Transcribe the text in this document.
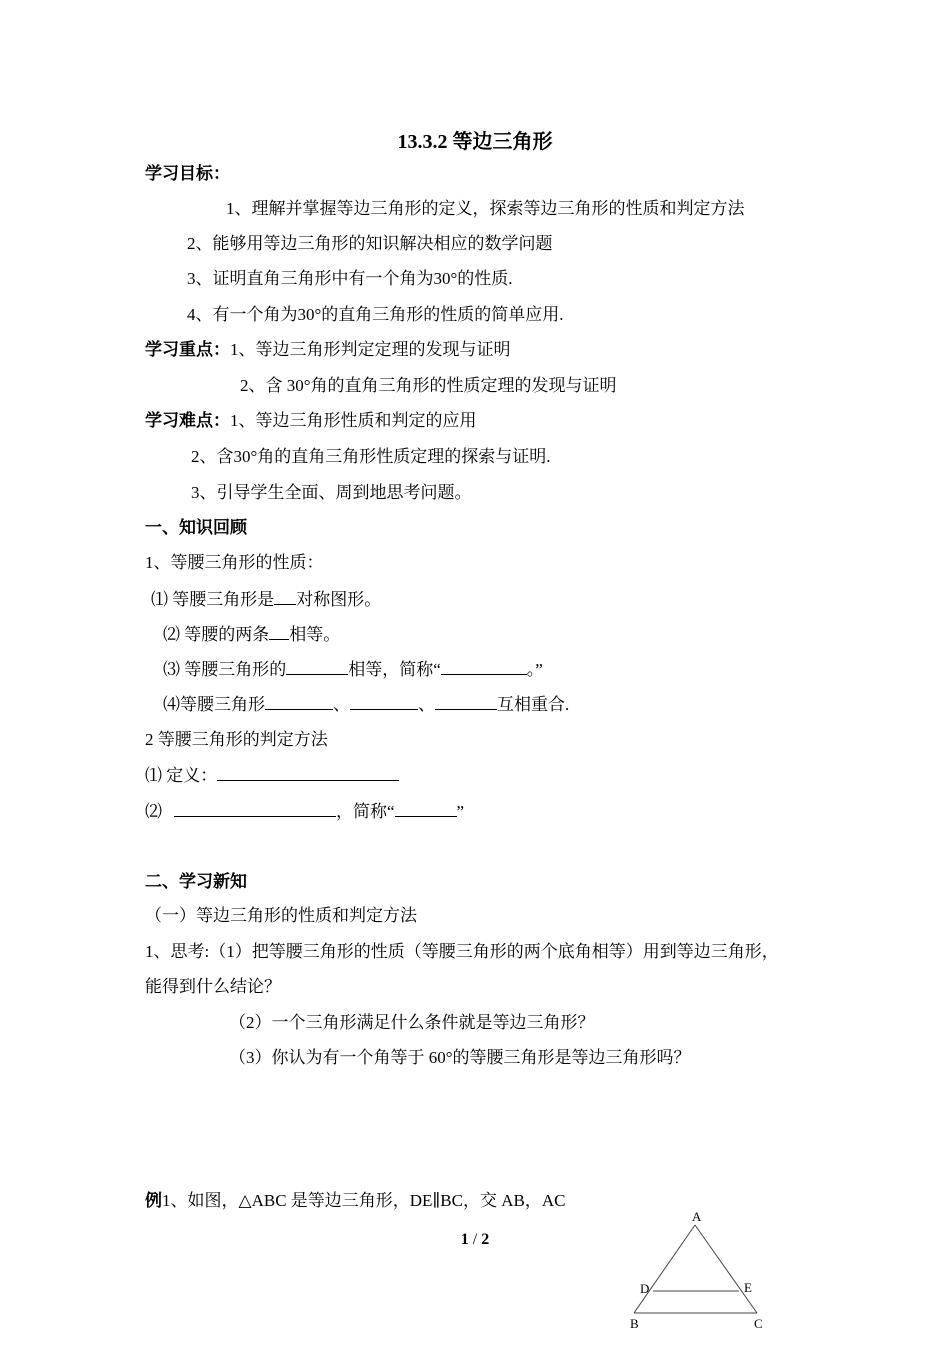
13.3.2 等边三角形
学习目标：
1、理解并掌握等边三角形的定义，探索等边三角形的性质和判定方法
2、能够用等边三角形的知识解决相应的数学问题
3、证明直角三角形中有一个角为30°的性质.
4、有一个角为30°的直角三角形的性质的简单应用.
学习重点：1、等边三角形判定定理的发现与证明
2、含 30°角的直角三角形的性质定理的发现与证明
学习难点：1、等边三角形性质和判定的应用
2、含30°角的直角三角形性质定理的探索与证明.
3、引导学生全面、周到地思考问题。
一、知识回顾
1、等腰三角形的性质：
⑴ 等腰三角形是 对称图形。
⑵ 等腰的两条 相等。
⑶ 等腰三角形的	相等，简称“	。”
⑷等腰三角形	、	、	互相重合.
2 等腰三角形的判定方法
⑴ 定义：
⑵	，简称“	”
二、学习新知
（一）等边三角形的性质和判定方法
1、思考:（1）把等腰三角形的性质（等腰三角形的两个底角相等）用到等边三角形，
能得到什么结论？
（2）一个三角形满足什么条件就是等边三角形？
（3）你认为有一个角等于 60°的等腰三角形是等边三角形吗？
例1、如图，△ABC 是等边三角形，DE∥BC，交 AB，AC
1 / 2
A
D	E
B	C
